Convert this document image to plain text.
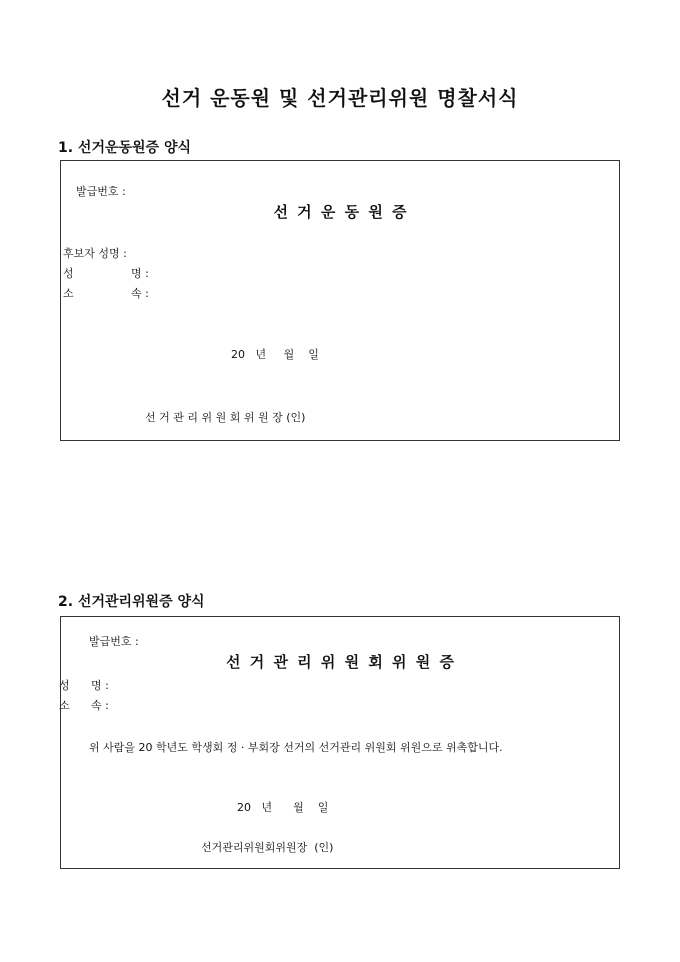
선거 운동원 및 선거관리위원 명찰서식
1. 선거운동원증 양식
발급번호 :
선 거 운 동 원 증
후보자 성명 :
성	명 :
소	속 :
20   년     월    일
선 거 관 리 위 원 회 위 원 장 (인)
2. 선거관리위원증 양식
발급번호 :
선 거 관 리 위 원 회 위 원 증
성 명 :
소 속 :
위 사람을 20 학년도 학생회 정 · 부회장 선거의 선거관리 위원회 위원으로 위촉합니다.
20   년      월    일
선거관리위원회위원장  (인)
